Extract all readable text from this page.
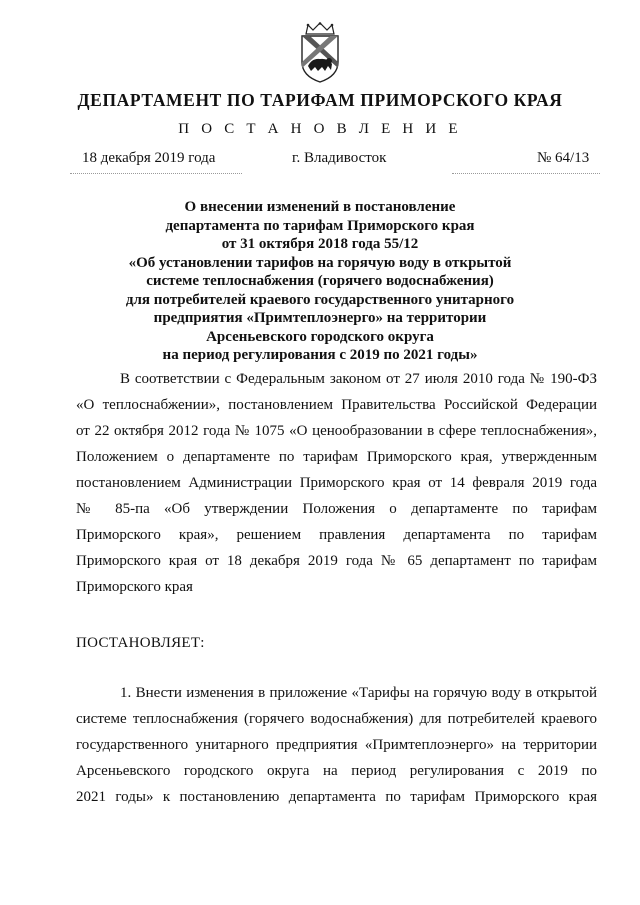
ДЕПАРТАМЕНТ ПО ТАРИФАМ ПРИМОРСКОГО КРАЯ
П О С Т А Н О В Л Е Н И Е
18 декабря 2019 года	г. Владивосток	№ 64/13
О внесении изменений в постановление
департамента по тарифам Приморского края
от 31 октября 2018 года 55/12
«Об установлении тарифов на горячую воду в открытой
системе теплоснабжения (горячего водоснабжения)
для потребителей краевого государственного унитарного
предприятия «Примтеплоэнерго» на территории
Арсеньевского городского округа
на период регулирования с 2019 по 2021 годы»
В соответствии с Федеральным законом от 27 июля 2010 года № 190-ФЗ
«О теплоснабжении», постановлением Правительства Российской Федерации
от 22 октября 2012 года № 1075 «О ценообразовании в сфере теплоснабжения»,
Положением о департаменте по тарифам Приморского края, утвержденным
постановлением Администрации Приморского края от 14 февраля 2019 года
№ 85-па «Об утверждении Положения о департаменте по тарифам
Приморского края», решением правления департамента по тарифам
Приморского края от 18 декабря 2019 года № 65 департамент по тарифам
Приморского края
ПОСТАНОВЛЯЕТ:
1. Внести изменения в приложение «Тарифы на горячую воду в открытой
системе теплоснабжения (горячего водоснабжения) для потребителей краевого
государственного унитарного предприятия «Примтеплоэнерго» на территории
Арсеньевского городского округа на период регулирования с 2019 по
2021 годы» к постановлению департамента по тарифам Приморского края
